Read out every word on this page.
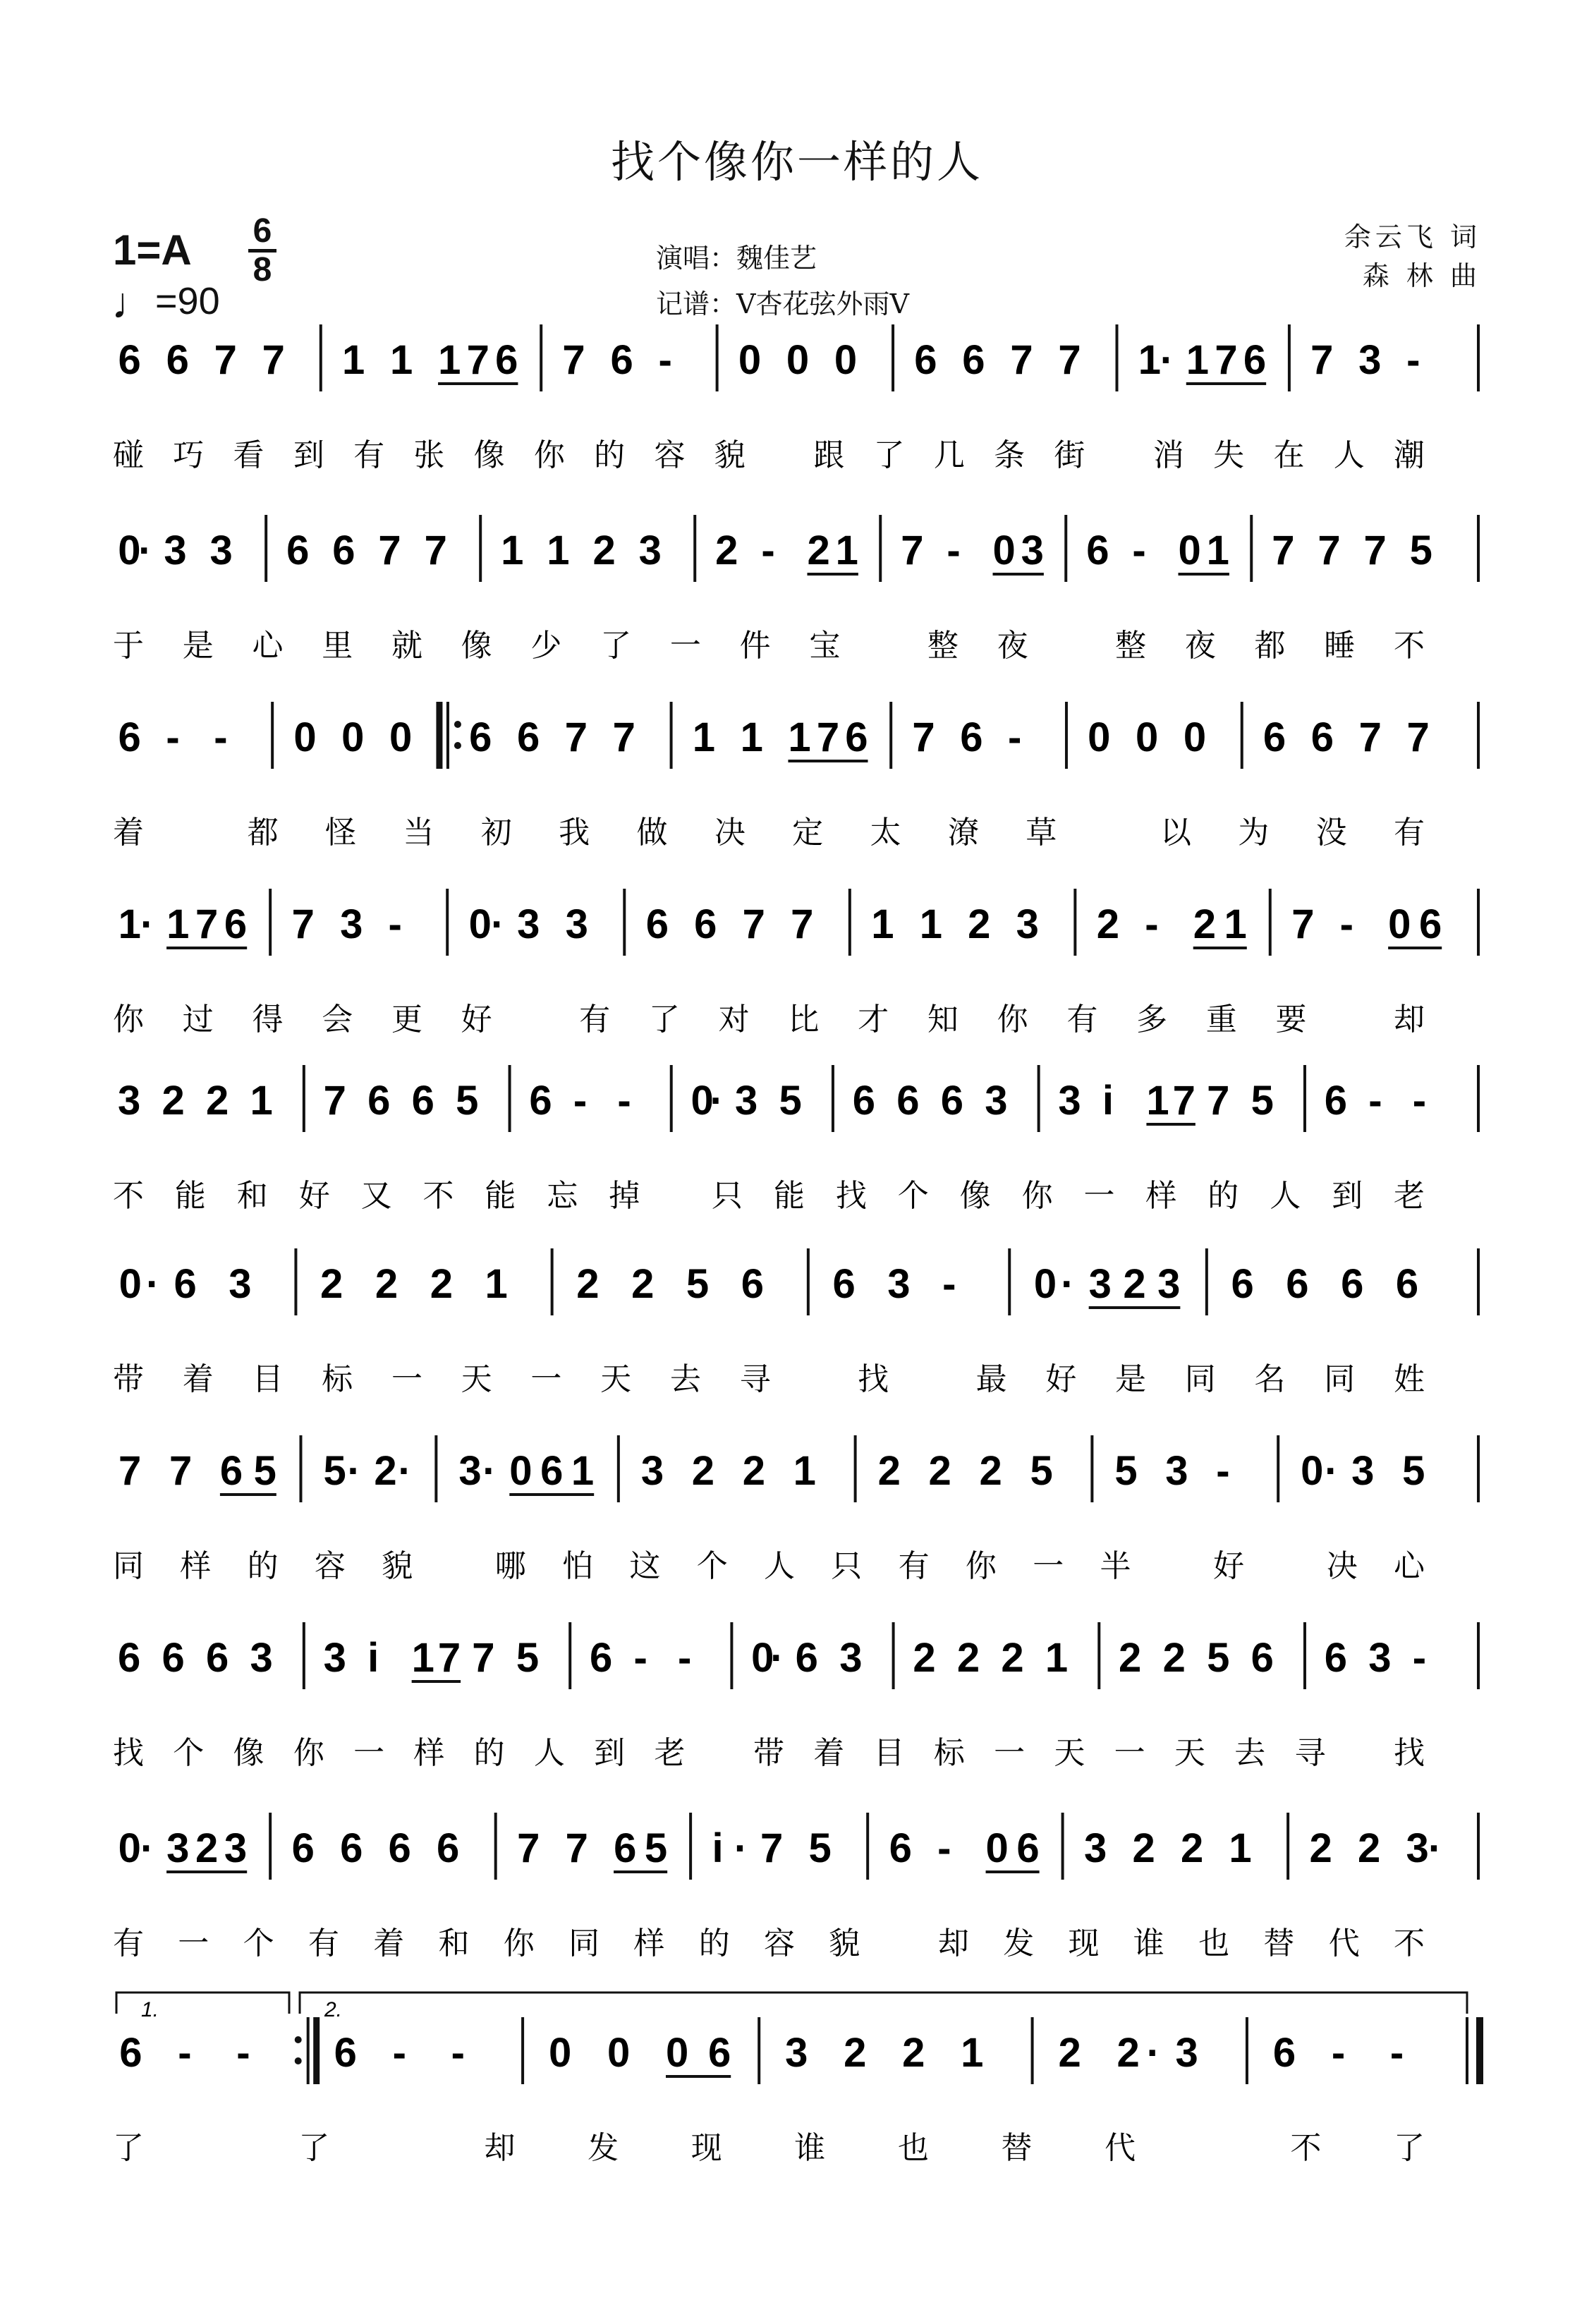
找个像你一样的人
1=A 6
8
♩=90
演唱：魏佳艺
记谱：V杏花弦外雨V
余云飞 词
森 林 曲
6 6 7 7 1 1 176 7 6 - 0 0 0 6 6 7 7 1· 176 7 3 -
碰巧看到有张像你的容貌 跟了几条街 消失在人潮
0· 3 3 6 6 7 7 1 1 2 3 2 - 21 7 - 03 6 - 01 7 7 7 5
于是心里就像少了一件宝 整夜 整夜都睡不
6 - - 0 0 0 6 6 7 7 1 1 176 7 6 - 0 0 0 6 6 7 7
着 都怪当初我做决定太潦草 以为没有
1· 176 7 3 - 0· 3 3 6 6 7 7 1 1 2 3 2 - 21 7 - 06
你过得会更好 有了对比才知你有多重要 却
3 2 2 1 7 6 6 5 6 - - 0· 3 5 6 6 6 3 3 i 17 7 5 6 - -
不能和好又不能忘掉 只能找个像你一样的人到老
0· 6 3 2 2 2 1 2 2 5 6 6 3 - 0· 323 6 6 6 6
带着目标一天一天去寻 找 最好是同名同姓
7 7 65 5· 2· 3· 061 3 2 2 1 2 2 2 5 5 3 - 0· 3 5
同样的容貌 哪怕这个人只有你一半 好 决心
6 6 6 3 3 i 17 7 5 6 - - 0· 6 3 2 2 2 1 2 2 5 6 6 3 -
找个像你一样的人到老 带着目标一天一天去寻 找
0· 323 6 6 6 6 7 7 65 i· 7 5 6 - 06 3 2 2 1 2 2 3·
有一个有着和你同样的容貌 却发现谁也替代不
6 - - 6 - - 0 0 06 3 2 2 1 2 2· 3 6 - -
了 了 却发现谁也替代 不了
1.	2.
